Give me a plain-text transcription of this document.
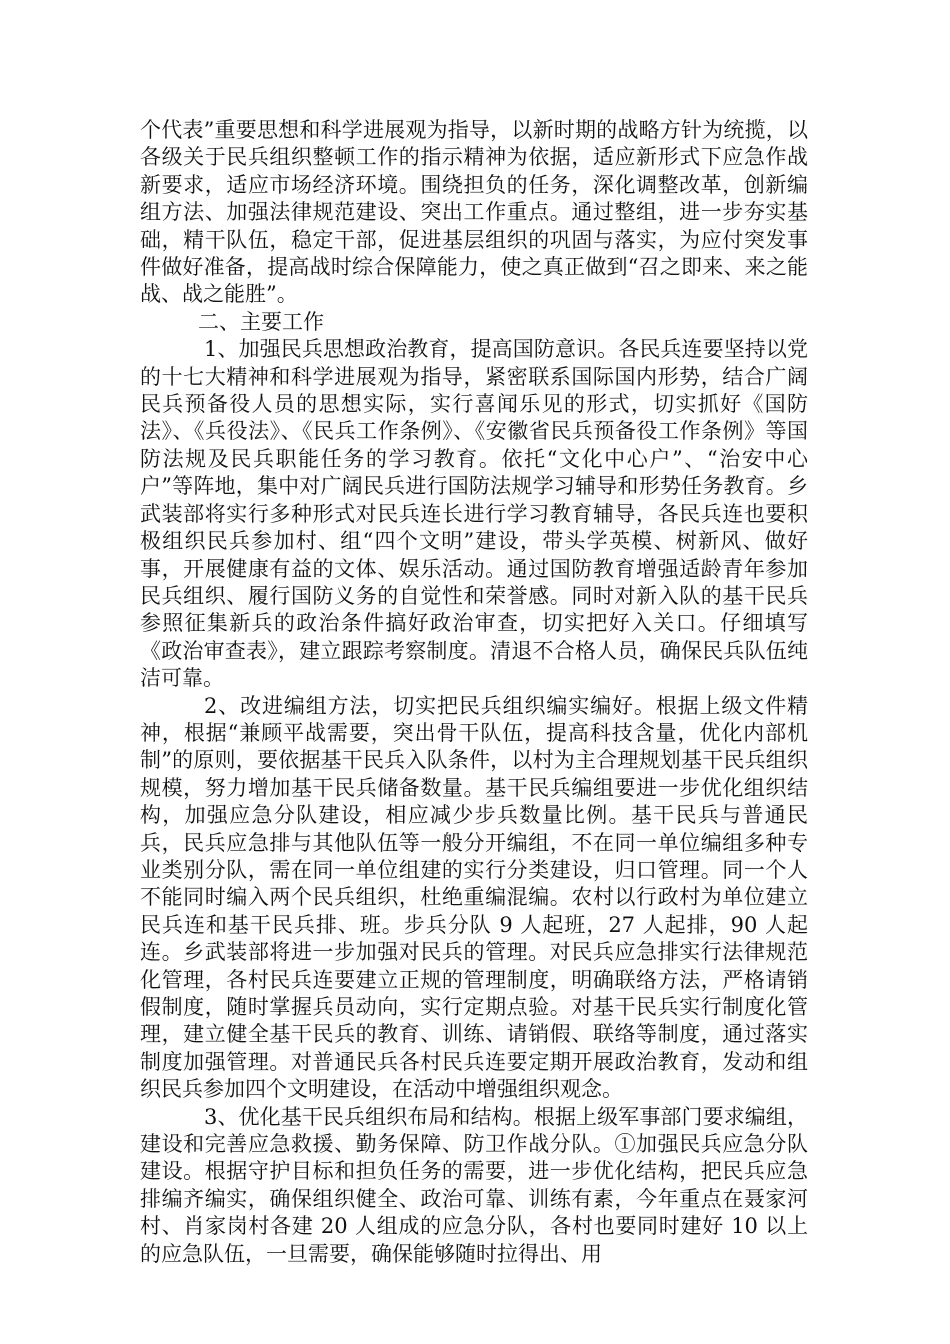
个代表”重要思想和科学进展观为指导，以新时期的战略方针为统揽，以各级关于民兵组织整顿工作的指示精神为依据，适应新形式下应急作战新要求，适应市场经济环境。围绕担负的任务，深化调整改革，创新编组方法、加强法律规范建设、突出工作重点。通过整组，进一步夯实基础，精干队伍，稳定干部，促进基层组织的巩固与落实，为应付突发事件做好准备，提高战时综合保障能力，使之真正做到“召之即来、来之能战、战之能胜”。

二、主要工作

1、加强民兵思想政治教育，提高国防意识。各民兵连要坚持以党的十七大精神和科学进展观为指导，紧密联系国际国内形势，结合广阔民兵预备役人员的思想实际，实行喜闻乐见的形式，切实抓好《国防法》、《兵役法》、《民兵工作条例》、《安徽省民兵预备役工作条例》等国防法规及民兵职能任务的学习教育。依托“文化中心户”、“治安中心户”等阵地，集中对广阔民兵进行国防法规学习辅导和形势任务教育。乡武装部将实行多种形式对民兵连长进行学习教育辅导，各民兵连也要积极组织民兵参加村、组“四个文明”建设，带头学英模、树新风、做好事，开展健康有益的文体、娱乐活动。通过国防教育增强适龄青年参加民兵组织、履行国防义务的自觉性和荣誉感。同时对新入队的基干民兵参照征集新兵的政治条件搞好政治审查，切实把好入关口。仔细填写《政治审查表》，建立跟踪考察制度。清退不合格人员，确保民兵队伍纯洁可靠。

2、改进编组方法，切实把民兵组织编实编好。根据上级文件精神，根据“兼顾平战需要，突出骨干队伍，提高科技含量，优化内部机制”的原则，要依据基干民兵入队条件，以村为主合理规划基干民兵组织规模，努力增加基干民兵储备数量。基干民兵编组要进一步优化组织结构，加强应急分队建设，相应减少步兵数量比例。基干民兵与普通民兵，民兵应急排与其他队伍等一般分开编组，不在同一单位编组多种专业类别分队，需在同一单位组建的实行分类建设，归口管理。同一个人不能同时编入两个民兵组织，杜绝重编混编。农村以行政村为单位建立民兵连和基干民兵排、班。步兵分队 9 人起班，27 人起排，90 人起连。乡武装部将进一步加强对民兵的管理。对民兵应急排实行法律规范化管理，各村民兵连要建立正规的管理制度，明确联络方法，严格请销假制度，随时掌握兵员动向，实行定期点验。对基干民兵实行制度化管理，建立健全基干民兵的教育、训练、请销假、联络等制度，通过落实制度加强管理。对普通民兵各村民兵连要定期开展政治教育，发动和组织民兵参加四个文明建设，在活动中增强组织观念。

3、优化基干民兵组织布局和结构。根据上级军事部门要求编组，建设和完善应急救援、勤务保障、防卫作战分队。①加强民兵应急分队建设。根据守护目标和担负任务的需要，进一步优化结构，把民兵应急排编齐编实，确保组织健全、政治可靠、训练有素，今年重点在聂家河村、肖家岗村各建 20 人组成的应急分队，各村也要同时建好 10 以上的应急队伍，一旦需要，确保能够随时拉得出、用
